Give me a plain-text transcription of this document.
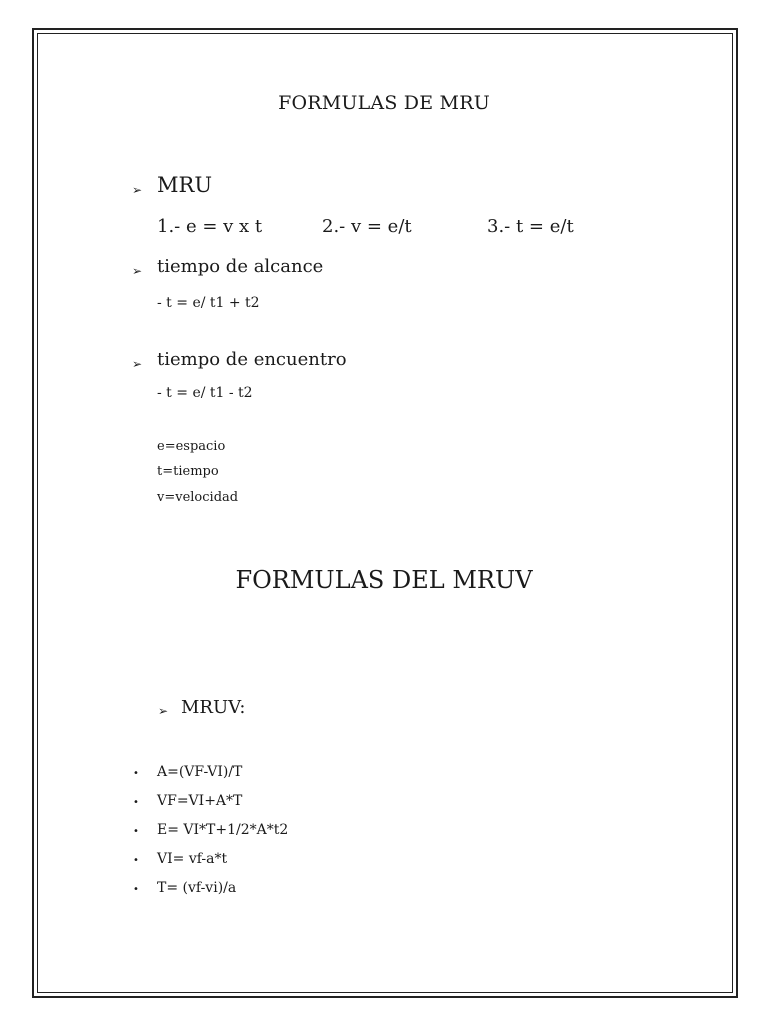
FORMULAS DE MRU
➢ MRU
1.- e = v x t	2.- v = e/t	3.- t = e/t
➢ tiempo de alcance
- t = e/ t1 + t2
➢ tiempo de encuentro
- t = e/ t1 - t2
e=espacio
t=tiempo
v=velocidad
FORMULAS DEL MRUV
➢ MRUV:
• A=(VF-VI)/T
• VF=VI+A*T
• E= VI*T+1/2*A*t2
• VI= vf-a*t
• T= (vf-vi)/a
